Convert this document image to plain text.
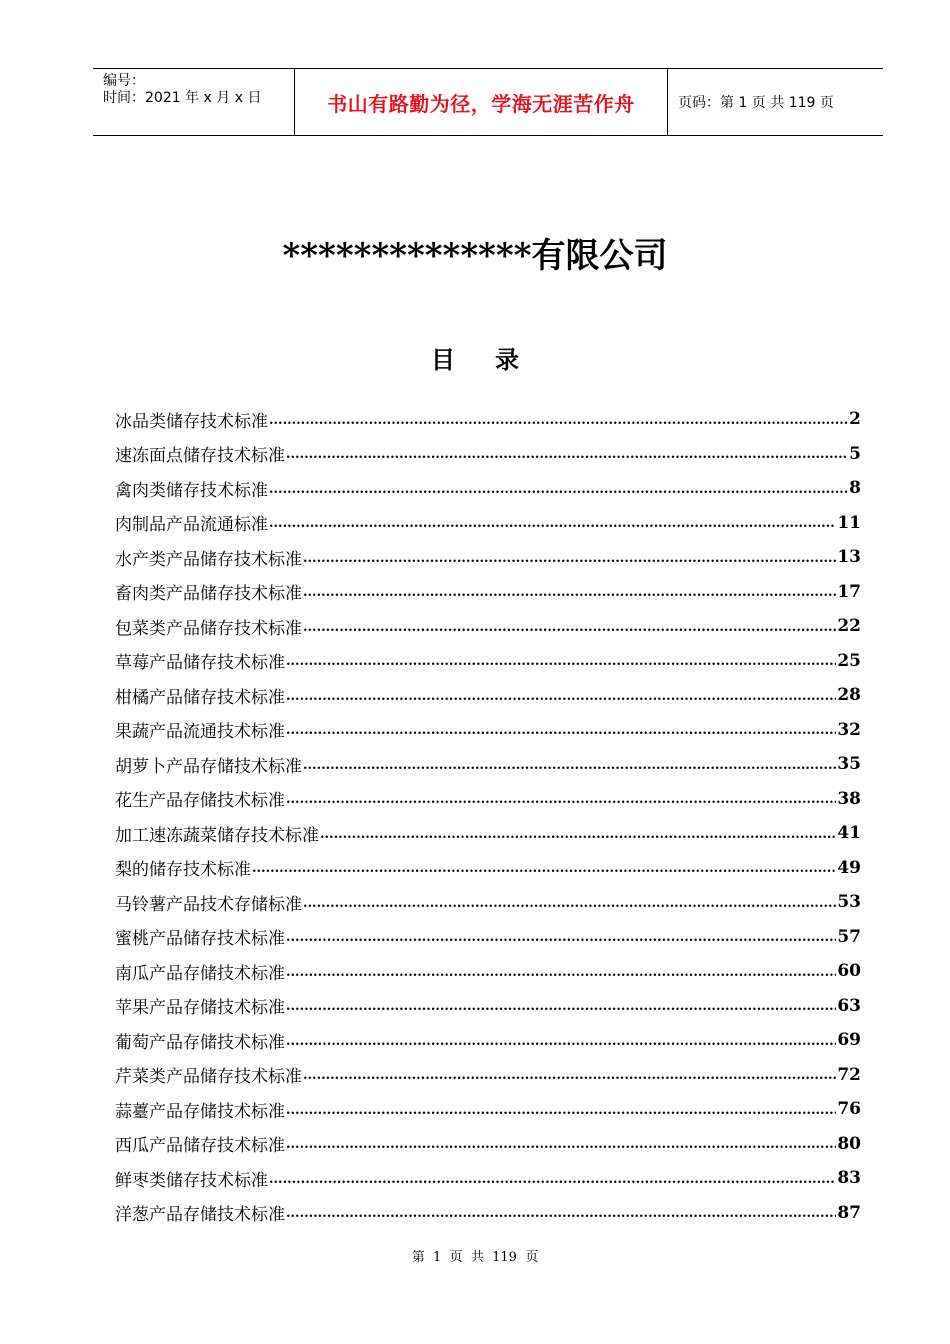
编号：
时间：2021 年 x 月 x 日	书山有路勤为径，学海无涯苦作舟	页码：第 1 页 共 119 页
**************有限公司
目录
冰品类储存技术标准 .....	2
速冻面点储存技术标准 .....	5
禽肉类储存技术标准 .....	8
肉制品产品流通标准 .....	11
水产类产品储存技术标准 .....	13
畜肉类产品储存技术标准 .....	17
包菜类产品储存技术标准 .....	22
草莓产品储存技术标准 .....	25
柑橘产品储存技术标准 .....	28
果蔬产品流通技术标准 .....	32
胡萝卜产品存储技术标准 .....	35
花生产品存储技术标准 .....	38
加工速冻蔬菜储存技术标准 .....	41
梨的储存技术标准 .....	49
马铃薯产品技术存储标准 .....	53
蜜桃产品储存技术标准 .....	57
南瓜产品存储技术标准 .....	60
苹果产品存储技术标准 .....	63
葡萄产品存储技术标准 .....	69
芹菜类产品储存技术标准 .....	72
蒜薹产品存储技术标准 .....	76
西瓜产品储存技术标准 .....	80
鲜枣类储存技术标准 .....	83
洋葱产品存储技术标准 .....	87
第  1  页  共  119  页
